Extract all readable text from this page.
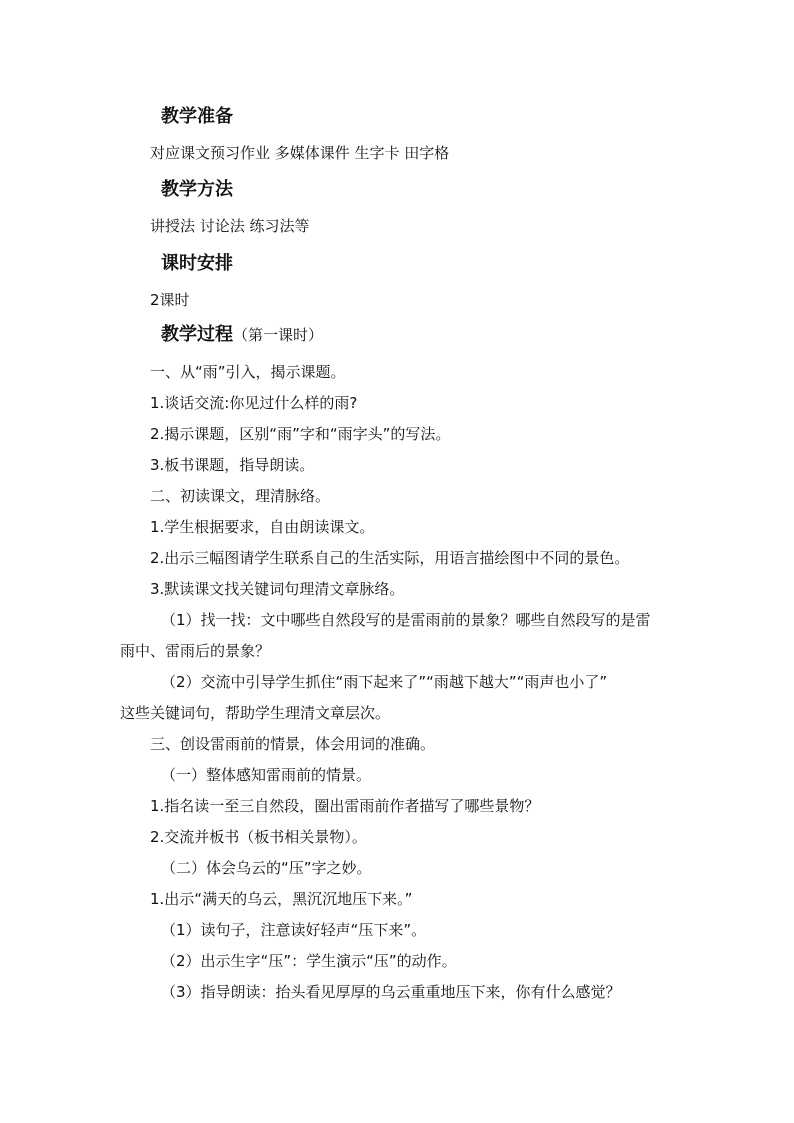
教学准备
对应课文预习作业 多媒体课件 生字卡 田字格
教学方法
讲授法 讨论法 练习法等
课时安排
2课时
教学过程（第一课时）
一、从“雨”引入，揭示课题。
1.谈话交流:你见过什么样的雨?
2.揭示课题，区别“雨”字和“雨字头”的写法。
3.板书课题，指导朗读。
二、初读课文，理清脉络。
1.学生根据要求，自由朗读课文。
2.出示三幅图请学生联系自己的生活实际，用语言描绘图中不同的景色。
3.默读课文找关键词句理清文章脉络。
（1）找一找：文中哪些自然段写的是雷雨前的景象？哪些自然段写的是雷
雨中、雷雨后的景象？
（2）交流中引导学生抓住“雨下起来了”“雨越下越大”“雨声也小了”
这些关键词句，帮助学生理清文章层次。
三、创设雷雨前的情景，体会用词的准确。
（一）整体感知雷雨前的情景。
1.指名读一至三自然段，圈出雷雨前作者描写了哪些景物？
2.交流并板书（板书相关景物）。
（二）体会乌云的“压”字之妙。
1.出示“满天的乌云，黑沉沉地压下来。”
（1）读句子，注意读好轻声“压下来”。
（2）出示生字“压”：学生演示“压”的动作。
（3）指导朗读：抬头看见厚厚的乌云重重地压下来，你有什么感觉？
